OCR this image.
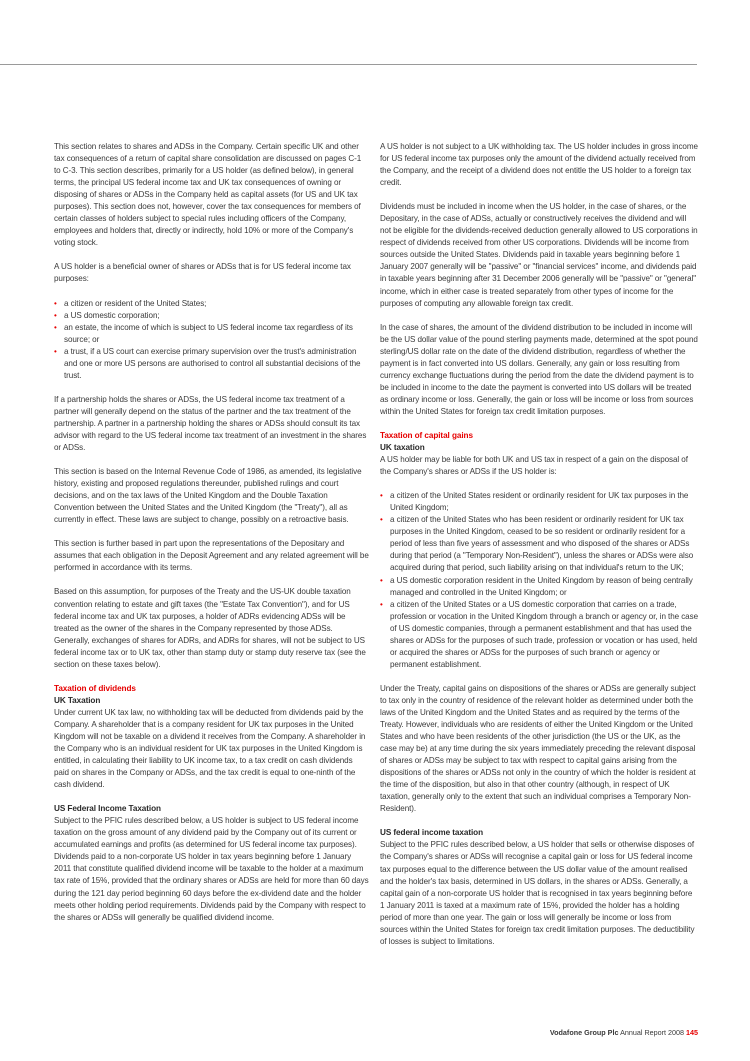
This section relates to shares and ADSs in the Company. Certain specific UK and other tax consequences of a return of capital share consolidation are discussed on pages C-1 to C-3. This section describes, primarily for a US holder (as defined below), in general terms, the principal US federal income tax and UK tax consequences of owning or disposing of shares or ADSs in the Company held as capital assets (for US and UK tax purposes). This section does not, however, cover the tax consequences for members of certain classes of holders subject to special rules including officers of the Company, employees and holders that, directly or indirectly, hold 10% or more of the Company's voting stock.

A US holder is a beneficial owner of shares or ADSs that is for US federal income tax purposes:

• a citizen or resident of the United States;
• a US domestic corporation;
• an estate, the income of which is subject to US federal income tax regardless of its source; or
• a trust, if a US court can exercise primary supervision over the trust's administration and one or more US persons are authorised to control all substantial decisions of the trust.

If a partnership holds the shares or ADSs, the US federal income tax treatment of a partner will generally depend on the status of the partner and the tax treatment of the partnership. A partner in a partnership holding the shares or ADSs should consult its tax advisor with regard to the US federal income tax treatment of an investment in the shares or ADSs.

This section is based on the Internal Revenue Code of 1986, as amended, its legislative history, existing and proposed regulations thereunder, published rulings and court decisions, and on the tax laws of the United Kingdom and the Double Taxation Convention between the United States and the United Kingdom (the "Treaty"), all as currently in effect. These laws are subject to change, possibly on a retroactive basis.

This section is further based in part upon the representations of the Depositary and assumes that each obligation in the Deposit Agreement and any related agreement will be performed in accordance with its terms.

Based on this assumption, for purposes of the Treaty and the US-UK double taxation convention relating to estate and gift taxes (the "Estate Tax Convention"), and for US federal income tax and UK tax purposes, a holder of ADRs evidencing ADSs will be treated as the owner of the shares in the Company represented by those ADSs. Generally, exchanges of shares for ADRs, and ADRs for shares, will not be subject to US federal income tax or to UK tax, other than stamp duty or stamp duty reserve tax (see the section on these taxes below).

Taxation of dividends
UK Taxation

Under current UK tax law, no withholding tax will be deducted from dividends paid by the Company. A shareholder that is a company resident for UK tax purposes in the United Kingdom will not be taxable on a dividend it receives from the Company. A shareholder in the Company who is an individual resident for UK tax purposes in the United Kingdom is entitled, in calculating their liability to UK income tax, to a tax credit on cash dividends paid on shares in the Company or ADSs, and the tax credit is equal to one-ninth of the cash dividend.

US Federal Income Taxation

Subject to the PFIC rules described below, a US holder is subject to US federal income taxation on the gross amount of any dividend paid by the Company out of its current or accumulated earnings and profits (as determined for US federal income tax purposes). Dividends paid to a non-corporate US holder in tax years beginning before 1 January 2011 that constitute qualified dividend income will be taxable to the holder at a maximum tax rate of 15%, provided that the ordinary shares or ADSs are held for more than 60 days during the 121 day period beginning 60 days before the ex-dividend date and the holder meets other holding period requirements. Dividends paid by the Company with respect to the shares or ADSs will generally be qualified dividend income.

A US holder is not subject to a UK withholding tax. The US holder includes in gross income for US federal income tax purposes only the amount of the dividend actually received from the Company, and the receipt of a dividend does not entitle the US holder to a foreign tax credit.

Dividends must be included in income when the US holder, in the case of shares, or the Depositary, in the case of ADSs, actually or constructively receives the dividend and will not be eligible for the dividends-received deduction generally allowed to US corporations in respect of dividends received from other US corporations. Dividends will be income from sources outside the United States. Dividends paid in taxable years beginning before 1 January 2007 generally will be "passive" or "financial services" income, and dividends paid in taxable years beginning after 31 December 2006 generally will be "passive" or "general" income, which in either case is treated separately from other types of income for the purposes of computing any allowable foreign tax credit.

In the case of shares, the amount of the dividend distribution to be included in income will be the US dollar value of the pound sterling payments made, determined at the spot pound sterling/US dollar rate on the date of the dividend distribution, regardless of whether the payment is in fact converted into US dollars. Generally, any gain or loss resulting from currency exchange fluctuations during the period from the date the dividend payment is to be included in income to the date the payment is converted into US dollars will be treated as ordinary income or loss. Generally, the gain or loss will be income or loss from sources within the United States for foreign tax credit limitation purposes.

Taxation of capital gains
UK taxation

A US holder may be liable for both UK and US tax in respect of a gain on the disposal of the Company's shares or ADSs if the US holder is:

• a citizen of the United States resident or ordinarily resident for UK tax purposes in the United Kingdom;
• a citizen of the United States who has been resident or ordinarily resident for UK tax purposes in the United Kingdom, ceased to be so resident or ordinarily resident for a period of less than five years of assessment and who disposed of the shares or ADSs during that period (a "Temporary Non-Resident"), unless the shares or ADSs were also acquired during that period, such liability arising on that individual's return to the UK;
• a US domestic corporation resident in the United Kingdom by reason of being centrally managed and controlled in the United Kingdom; or
• a citizen of the United States or a US domestic corporation that carries on a trade, profession or vocation in the United Kingdom through a branch or agency or, in the case of US domestic companies, through a permanent establishment and that has used the shares or ADSs for the purposes of such trade, profession or vocation or has used, held or acquired the shares or ADSs for the purposes of such branch or agency or permanent establishment.

Under the Treaty, capital gains on dispositions of the shares or ADSs are generally subject to tax only in the country of residence of the relevant holder as determined under both the laws of the United Kingdom and the United States and as required by the terms of the Treaty. However, individuals who are residents of either the United Kingdom or the United States and who have been residents of the other jurisdiction (the US or the UK, as the case may be) at any time during the six years immediately preceding the relevant disposal of shares or ADSs may be subject to tax with respect to capital gains arising from the dispositions of the shares or ADSs not only in the country of which the holder is resident at the time of the disposition, but also in that other country (although, in respect of UK taxation, generally only to the extent that such an individual comprises a Temporary Non-Resident).

US federal income taxation

Subject to the PFIC rules described below, a US holder that sells or otherwise disposes of the Company's shares or ADSs will recognise a capital gain or loss for US federal income tax purposes equal to the difference between the US dollar value of the amount realised and the holder's tax basis, determined in US dollars, in the shares or ADSs. Generally, a capital gain of a non-corporate US holder that is recognised in tax years beginning before 1 January 2011 is taxed at a maximum rate of 15%, provided the holder has a holding period of more than one year. The gain or loss will generally be income or loss from sources within the United States for foreign tax credit limitation purposes. The deductibility of losses is subject to limitations.

Vodafone Group Plc Annual Report 2008 145
